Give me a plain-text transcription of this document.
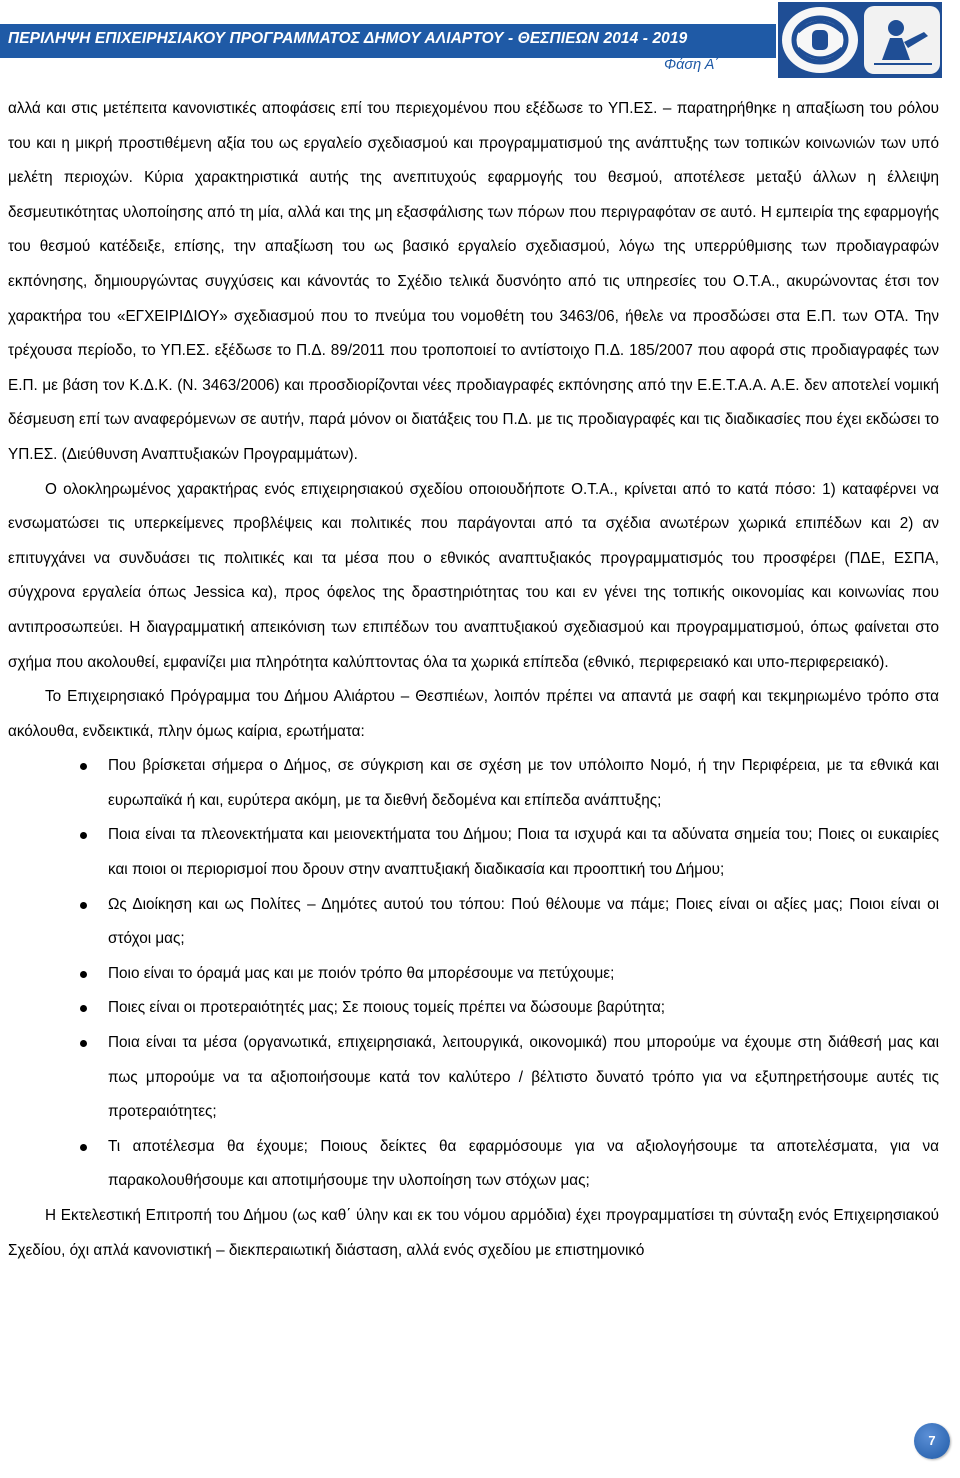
ΠΕΡΙΛΗΨΗ ΕΠΙΧΕΙΡΗΣΙΑΚΟΥ ΠΡΟΓΡΑΜΜΑΤΟΣ ΔΗΜΟΥ ΑΛΙΑΡΤΟΥ - ΘΕΣΠΙΕΩΝ 2014 - 2019
Φάση Α΄

αλλά και στις μετέπειτα κανονιστικές αποφάσεις επί του περιεχομένου που εξέδωσε το ΥΠ.ΕΣ. – παρατηρήθηκε η απαξίωση του ρόλου του και η μικρή προστιθέμενη αξία του ως εργαλείο σχεδιασμού και προγραμματισμού της ανάπτυξης των τοπικών κοινωνιών των υπό μελέτη περιοχών. Κύρια χαρακτηριστικά αυτής της ανεπιτυχούς εφαρμογής του θεσμού, αποτέλεσε μεταξύ άλλων η έλλειψη δεσμευτικότητας υλοποίησης από τη μία, αλλά και της μη εξασφάλισης των πόρων που περιγραφόταν σε αυτό. Η εμπειρία της εφαρμογής του θεσμού κατέδειξε, επίσης, την απαξίωση του ως βασικό εργαλείο σχεδιασμού, λόγω της υπερρύθμισης των προδιαγραφών εκπόνησης, δημιουργώντας συγχύσεις και κάνοντάς το Σχέδιο τελικά δυσνόητο από τις υπηρεσίες του Ο.Τ.Α., ακυρώνοντας έτσι τον χαρακτήρα του «ΕΓΧΕΙΡΙΔΙΟΥ» σχεδιασμού που το πνεύμα του νομοθέτη του 3463/06, ήθελε να προσδώσει στα Ε.Π. των ΟΤΑ. Την τρέχουσα περίοδο, το ΥΠ.ΕΣ. εξέδωσε το Π.Δ. 89/2011 που τροποποιεί το αντίστοιχο Π.Δ. 185/2007 που αφορά στις προδιαγραφές των Ε.Π. με βάση τον Κ.Δ.Κ. (Ν. 3463/2006) και προσδιορίζονται νέες προδιαγραφές εκπόνησης από την Ε.Ε.Τ.Α.Α. Α.Ε. δεν αποτελεί νομική δέσμευση επί των αναφερόμενων σε αυτήν, παρά μόνον οι διατάξεις του Π.Δ. με τις προδιαγραφές και τις διαδικασίες που έχει εκδώσει το ΥΠ.ΕΣ. (Διεύθυνση Αναπτυξιακών Προγραμμάτων).

Ο ολοκληρωμένος χαρακτήρας ενός επιχειρησιακού σχεδίου οποιουδήποτε Ο.Τ.Α., κρίνεται από το κατά πόσο: 1) καταφέρνει να ενσωματώσει τις υπερκείμενες προβλέψεις και πολιτικές που παράγονται από τα σχέδια ανωτέρων χωρικά επιπέδων και 2) αν επιτυγχάνει να συνδυάσει τις πολιτικές και τα μέσα που ο εθνικός αναπτυξιακός προγραμματισμός του προσφέρει (ΠΔΕ, ΕΣΠΑ, σύγχρονα εργαλεία όπως Jessica κα), προς όφελος της δραστηριότητας του και εν γένει της τοπικής οικονομίας και κοινωνίας που αντιπροσωπεύει. Η διαγραμματική απεικόνιση των επιπέδων του αναπτυξιακού σχεδιασμού και προγραμματισμού, όπως φαίνεται στο σχήμα που ακολουθεί, εμφανίζει μια πληρότητα καλύπτοντας όλα τα χωρικά επίπεδα (εθνικό, περιφερειακό και υπο-περιφερειακό).

Το Επιχειρησιακό Πρόγραμμα του Δήμου Αλιάρτου – Θεσπιέων, λοιπόν πρέπει να απαντά με σαφή και τεκμηριωμένο τρόπο στα ακόλουθα, ενδεικτικά, πλην όμως καίρια, ερωτήματα:

Που βρίσκεται σήμερα ο Δήμος, σε σύγκριση και σε σχέση με τον υπόλοιπο Νομό, ή την Περιφέρεια, με τα εθνικά και ευρωπαϊκά ή και, ευρύτερα ακόμη, με τα διεθνή δεδομένα και επίπεδα ανάπτυξης;
Ποια είναι τα πλεονεκτήματα και μειονεκτήματα του Δήμου; Ποια τα ισχυρά και τα αδύνατα σημεία του; Ποιες οι ευκαιρίες και ποιοι οι περιορισμοί που δρουν στην αναπτυξιακή διαδικασία και προοπτική του Δήμου;
Ως Διοίκηση και ως Πολίτες – Δημότες αυτού του τόπου: Πού θέλουμε να πάμε; Ποιες είναι οι αξίες μας; Ποιοι είναι οι στόχοι μας;
Ποιο είναι το όραμά μας και με ποιόν τρόπο θα μπορέσουμε να πετύχουμε;
Ποιες είναι οι προτεραιότητές μας; Σε ποιους τομείς πρέπει να δώσουμε βαρύτητα;
Ποια είναι τα μέσα (οργανωτικά, επιχειρησιακά, λειτουργικά, οικονομικά) που μπορούμε να έχουμε στη διάθεσή μας και πως μπορούμε να τα αξιοποιήσουμε κατά τον καλύτερο / βέλτιστο δυνατό τρόπο για να εξυπηρετήσουμε αυτές τις προτεραιότητες;
Τι αποτέλεσμα θα έχουμε; Ποιους δείκτες θα εφαρμόσουμε για να αξιολογήσουμε τα αποτελέσματα, για να παρακολουθήσουμε και αποτιμήσουμε την υλοποίηση των στόχων μας;

Η Εκτελεστική Επιτροπή του Δήμου (ως καθ΄ ύλην και εκ του νόμου αρμόδια) έχει προγραμματίσει τη σύνταξη ενός Επιχειρησιακού Σχεδίου, όχι απλά κανονιστική – διεκπεραιωτική διάσταση, αλλά ενός σχεδίου με επιστημονικό

7
